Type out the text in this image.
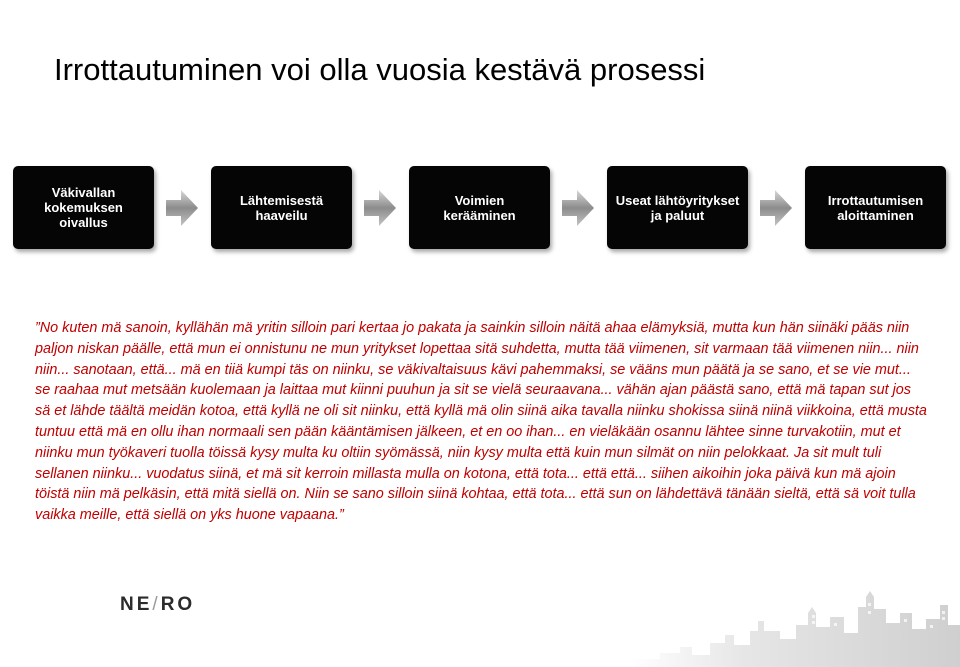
Irrottautuminen voi olla vuosia kestävä prosessi
Väkivallan kokemuksen oivallus
Lähtemisestä haaveilu
Voimien kerääminen
Useat lähtöyritykset ja paluut
Irrottautumisen aloittaminen

”No kuten mä sanoin, kyllähän mä yritin silloin pari kertaa jo pakata ja sainkin silloin näitä ahaa elämyksiä, mutta kun hän siinäki pääs niin paljon niskan päälle, että mun ei onnistunu ne mun yritykset lopettaa sitä suhdetta, mutta tää viimenen, sit varmaan tää viimenen niin... niin niin... sanotaan, että... mä en tiiä kumpi täs on niinku, se väkivaltaisuus kävi pahemmaksi, se vääns mun päätä ja se sano, et se vie mut... se raahaa mut metsään kuolemaan ja laittaa mut kiinni puuhun ja sit se vielä seuraavana... vähän ajan päästä sano, että mä tapan sut jos sä et lähde täältä meidän kotoa, että kyllä ne oli sit niinku, että kyllä mä olin siinä aika tavalla niinku shokissa siinä niinä viikkoina, että musta tuntuu että mä en ollu ihan normaali sen pään kääntämisen jälkeen, et en oo ihan... en vieläkään osannu lähtee sinne turvakotiin, mut et niinku mun työkaveri tuolla töissä kysy multa ku oltiin syömässä, niin kysy multa että kuin mun silmät on niin pelokkaat. Ja sit mult tuli sellanen niinku... vuodatus siinä, et mä sit kerroin millasta mulla on kotona, että tota... että että... siihen aikoihin joka päivä kun mä ajoin töistä niin mä pelkäsin, että mitä siellä on. Niin se sano silloin siinä kohtaa, että tota... että sun on lähdettävä tänään sieltä, että sä voit tulla vaikka meille, että siellä on yks huone vapaana.”

NE/RO
